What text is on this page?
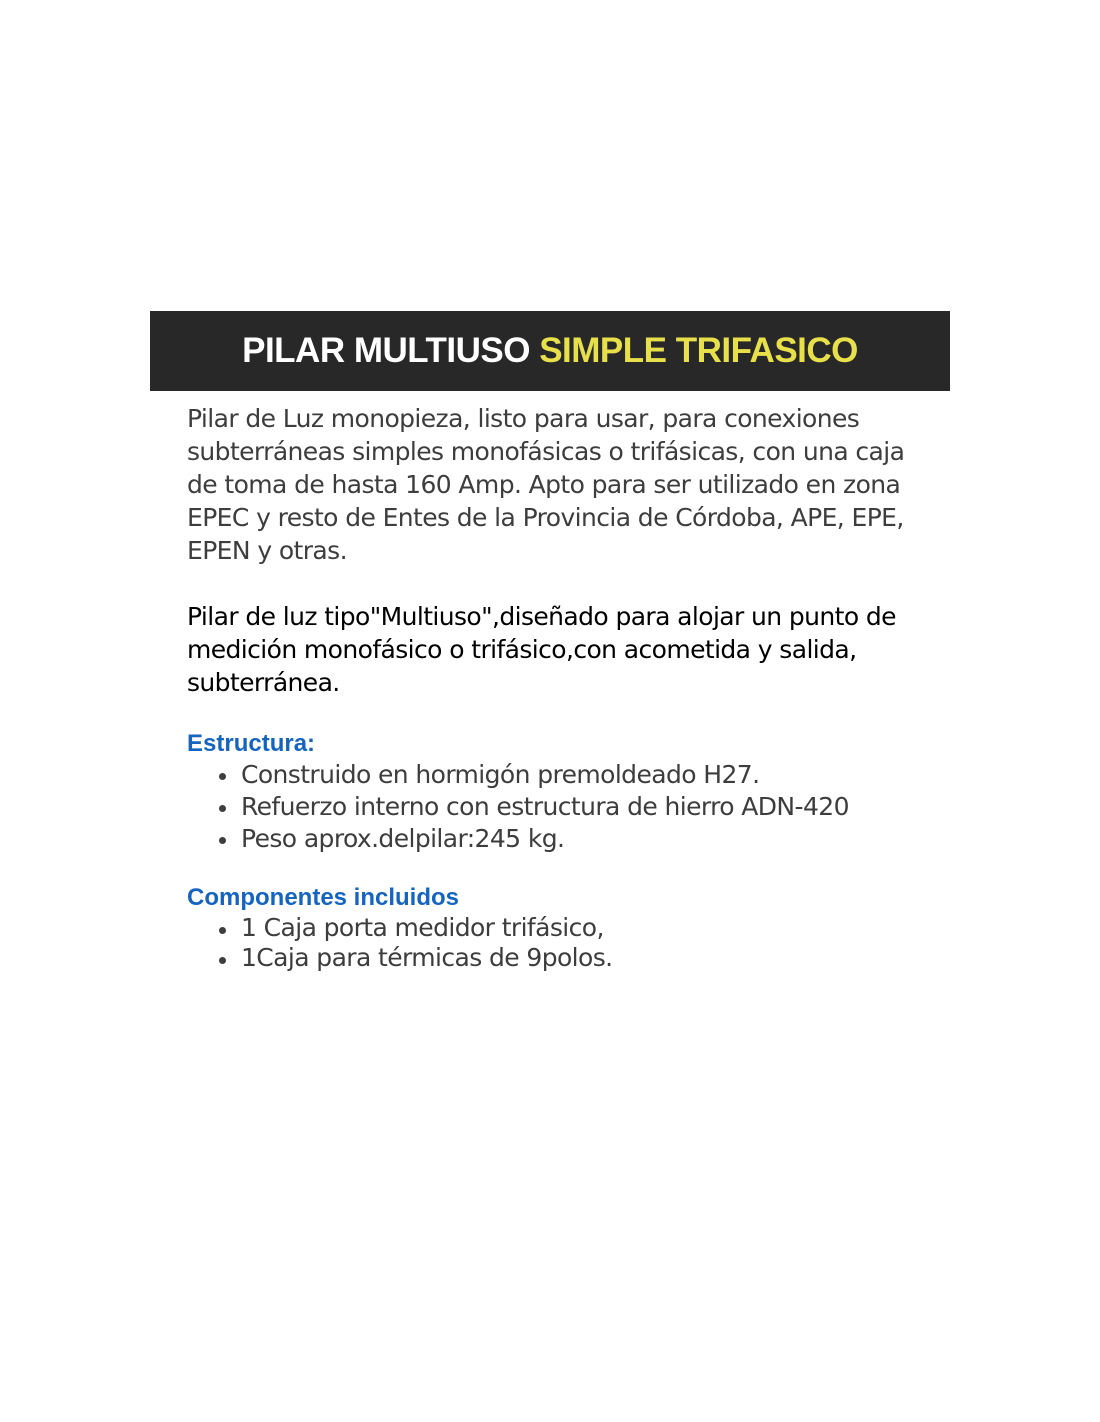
PILAR MULTIUSO SIMPLE TRIFASICO

Pilar de Luz monopieza, listo para usar, para conexiones subterráneas simples monofásicas o trifásicas, con una caja de toma de hasta 160 Amp. Apto para ser utilizado en zona EPEC y resto de Entes de la Provincia de Córdoba, APE, EPE, EPEN y otras.

Pilar de luz tipo"Multiuso",diseñado para alojar un punto de medición monofásico o trifásico,con acometida y salida, subterránea.

Estructura:
Construido en hormigón premoldeado H27.
Refuerzo interno con estructura de hierro ADN-420
Peso aprox.delpilar:245 kg.
Componentes incluidos
1 Caja porta medidor trifásico,
1Caja para térmicas de 9polos.
